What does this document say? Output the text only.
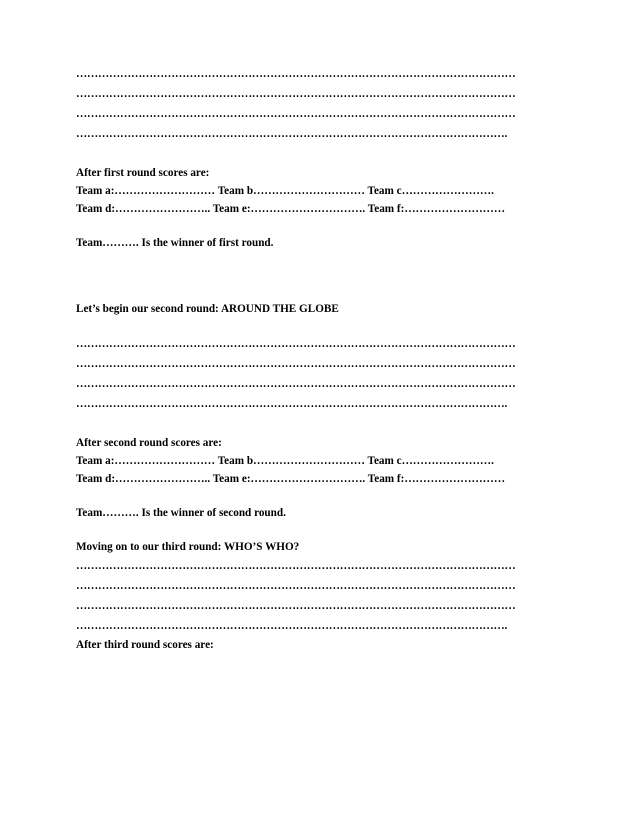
…………………………………………………………………………………………………………
…………………………………………………………………………………………………………
…………………………………………………………………………………………………………
……………………………………………………………………………………………………….
After first round scores are:
Team a:……………………… Team b………………………… Team c…………………….
Team d:…………………….. Team e:…………………………. Team f:………………………
Team………. Is the winner of first round.
Let’s begin our second round: AROUND THE GLOBE
…………………………………………………………………………………………………………
…………………………………………………………………………………………………………
…………………………………………………………………………………………………………
……………………………………………………………………………………………………….
After second round scores are:
Team a:……………………… Team b………………………… Team c…………………….
Team d:…………………….. Team e:…………………………. Team f:………………………
Team………. Is the winner of second round.
Moving on to our third round: WHO’S WHO?
…………………………………………………………………………………………………………
…………………………………………………………………………………………………………
…………………………………………………………………………………………………………
……………………………………………………………………………………………………….
After third round scores are:
